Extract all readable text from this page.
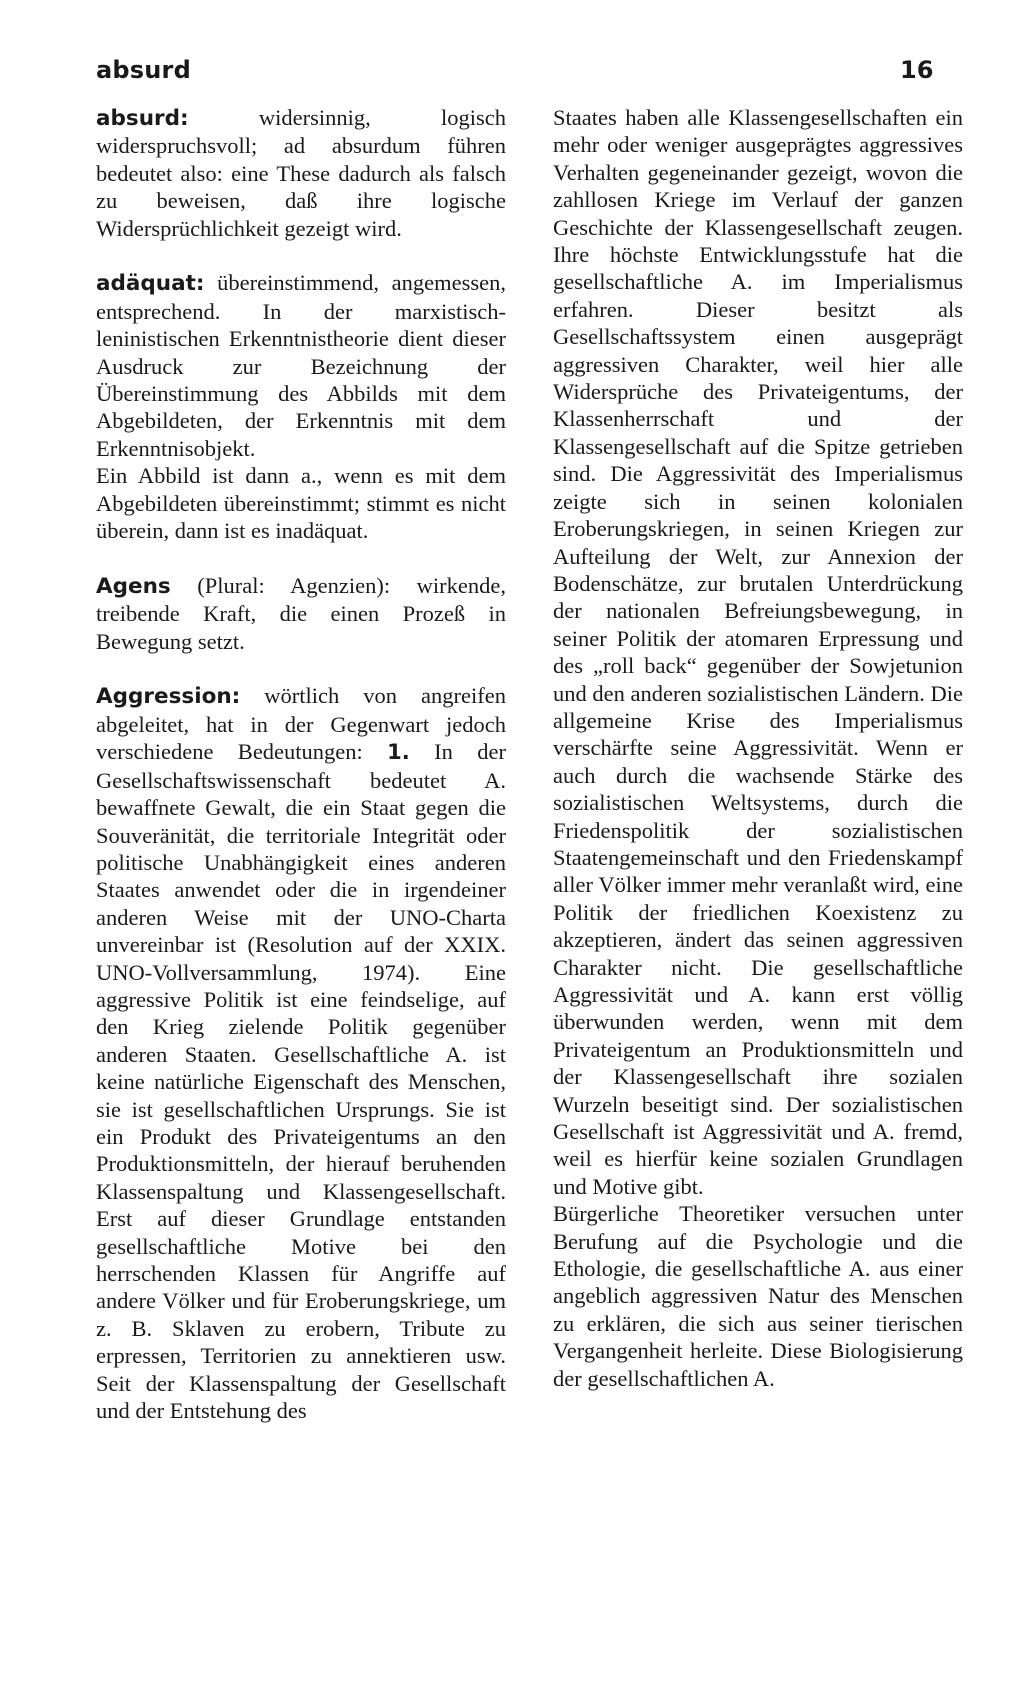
absurd	16

absurd: widersinnig, logisch widerspruchsvoll; ad absurdum führen bedeutet also: eine These dadurch als falsch zu beweisen, daß ihre logische Widersprüchlichkeit gezeigt wird.

adäquat: übereinstimmend, angemessen, entsprechend. In der marxistisch-leninistischen Erkenntnistheorie dient dieser Ausdruck zur Bezeichnung der Übereinstimmung des Abbilds mit dem Abgebildeten, der Erkenntnis mit dem Erkenntnisobjekt.

Ein Abbild ist dann a., wenn es mit dem Abgebildeten übereinstimmt; stimmt es nicht überein, dann ist es inadäquat.

Agens (Plural: Agenzien): wirkende, treibende Kraft, die einen Prozeß in Bewegung setzt.

Aggression: wörtlich von angreifen abgeleitet, hat in der Gegenwart jedoch verschiedene Bedeutungen: 1. In der Gesellschaftswissenschaft bedeutet A. bewaffnete Gewalt, die ein Staat gegen die Souveränität, die territoriale Integrität oder politische Unabhängigkeit eines anderen Staates anwendet oder die in irgendeiner anderen Weise mit der UNO-Charta unvereinbar ist (Resolution auf der XXIX. UNO-Vollversammlung, 1974). Eine aggressive Politik ist eine feindselige, auf den Krieg zielende Politik gegenüber anderen Staaten. Gesellschaftliche A. ist keine natürliche Eigenschaft des Menschen, sie ist gesellschaftlichen Ursprungs. Sie ist ein Produkt des Privateigentums an den Produktionsmitteln, der hierauf beruhenden Klassenspaltung und Klassengesellschaft. Erst auf dieser Grundlage entstanden gesellschaftliche Motive bei den herrschenden Klassen für Angriffe auf andere Völker und für Eroberungskriege, um z. B. Sklaven zu erobern, Tribute zu erpressen, Territorien zu annektieren usw. Seit der Klassenspaltung der Gesellschaft und der Entstehung des

Staates haben alle Klassengesellschaften ein mehr oder weniger ausgeprägtes aggressives Verhalten gegeneinander gezeigt, wovon die zahllosen Kriege im Verlauf der ganzen Geschichte der Klassengesellschaft zeugen. Ihre höchste Entwicklungsstufe hat die gesellschaftliche A. im Imperialismus erfahren. Dieser besitzt als Gesellschaftssystem einen ausgeprägt aggressiven Charakter, weil hier alle Widersprüche des Privateigentums, der Klassenherrschaft und der Klassengesellschaft auf die Spitze getrieben sind. Die Aggressivität des Imperialismus zeigte sich in seinen kolonialen Eroberungskriegen, in seinen Kriegen zur Aufteilung der Welt, zur Annexion der Bodenschätze, zur brutalen Unterdrückung der nationalen Befreiungsbewegung, in seiner Politik der atomaren Erpressung und des „roll back“ gegenüber der Sowjetunion und den anderen sozialistischen Ländern. Die allgemeine Krise des Imperialismus verschärfte seine Aggressivität. Wenn er auch durch die wachsende Stärke des sozialistischen Weltsystems, durch die Friedenspolitik der sozialistischen Staatengemeinschaft und den Friedenskampf aller Völker immer mehr veranlaßt wird, eine Politik der friedlichen Koexistenz zu akzeptieren, ändert das seinen aggressiven Charakter nicht. Die gesellschaftliche Aggressivität und A. kann erst völlig überwunden werden, wenn mit dem Privateigentum an Produktionsmitteln und der Klassengesellschaft ihre sozialen Wurzeln beseitigt sind. Der sozialistischen Gesellschaft ist Aggressivität und A. fremd, weil es hierfür keine sozialen Grundlagen und Motive gibt.

Bürgerliche Theoretiker versuchen unter Berufung auf die Psychologie und die Ethologie, die gesellschaftliche A. aus einer angeblich aggressiven Natur des Menschen zu erklären, die sich aus seiner tierischen Vergangenheit herleite. Diese Biologisierung der gesellschaftlichen A.
